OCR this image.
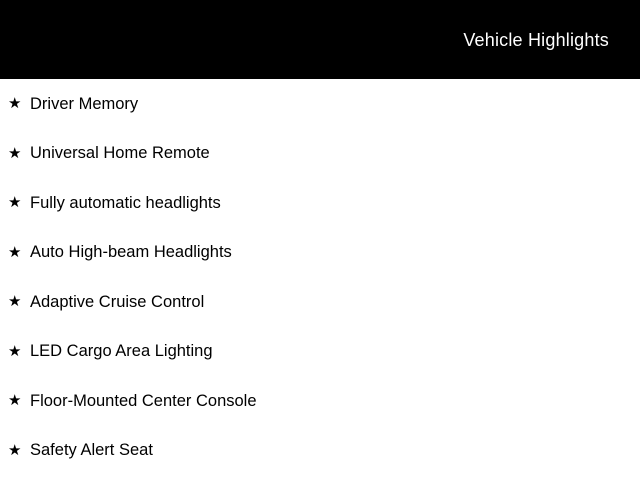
Vehicle Highlights
★ Driver Memory
★ Universal Home Remote
★ Fully automatic headlights
★ Auto High-beam Headlights
★ Adaptive Cruise Control
★ LED Cargo Area Lighting
★ Floor-Mounted Center Console
★ Safety Alert Seat
